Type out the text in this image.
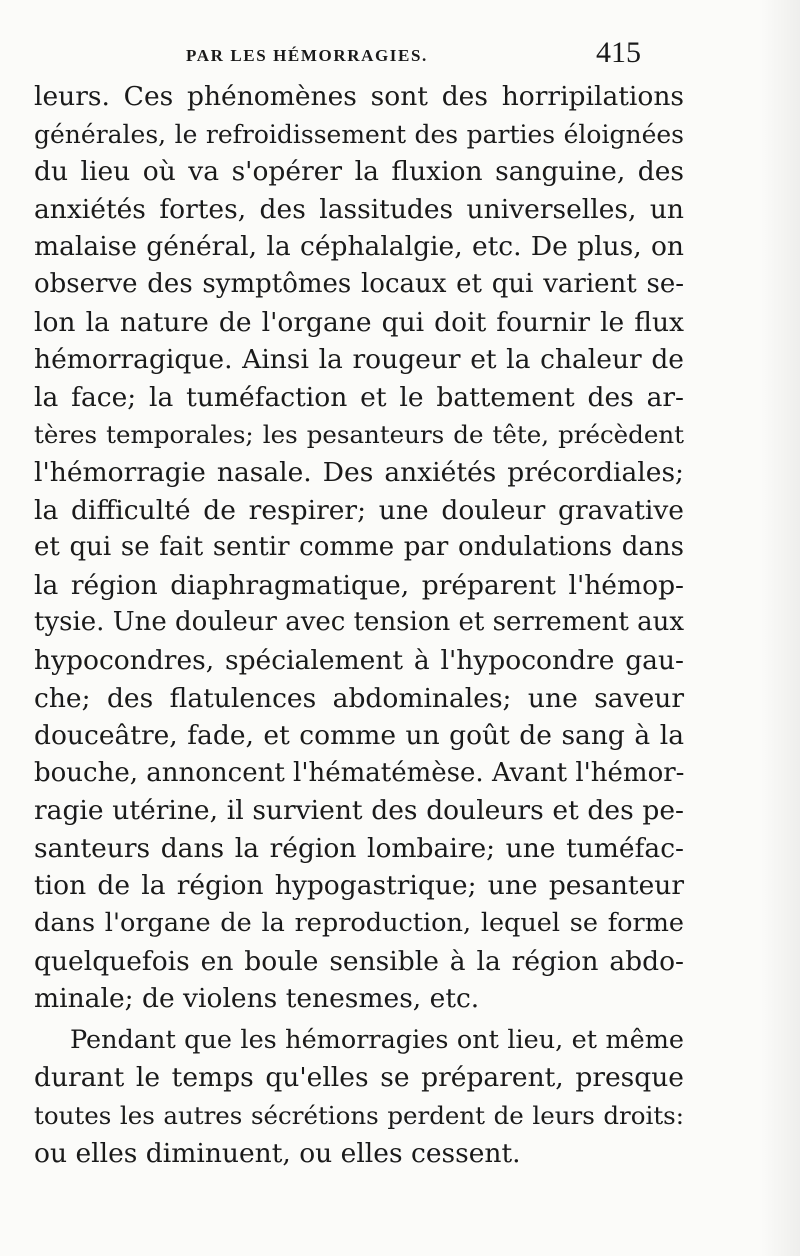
PAR LES HÉMORRAGIES.	415
leurs. Ces phénomènes sont des horripilations
générales, le refroidissement des parties éloignées
du lieu où va s'opérer la fluxion sanguine, des
anxiétés fortes, des lassitudes universelles, un
malaise général, la céphalalgie, etc. De plus, on
observe des symptômes locaux et qui varient se-
lon la nature de l'organe qui doit fournir le flux
hémorragique. Ainsi la rougeur et la chaleur de
la face; la tuméfaction et le battement des ar-
tères temporales; les pesanteurs de tête, précèdent
l'hémorragie nasale. Des anxiétés précordiales;
la difficulté de respirer; une douleur gravative
et qui se fait sentir comme par ondulations dans
la région diaphragmatique, préparent l'hémop-
tysie. Une douleur avec tension et serrement aux
hypocondres, spécialement à l'hypocondre gau-
che; des flatulences abdominales; une saveur
douceâtre, fade, et comme un goût de sang à la
bouche, annoncent l'hématémèse. Avant l'hémor-
ragie utérine, il survient des douleurs et des pe-
santeurs dans la région lombaire; une tuméfac-
tion de la région hypogastrique; une pesanteur
dans l'organe de la reproduction, lequel se forme
quelquefois en boule sensible à la région abdo-
minale; de violens tenesmes, etc.
Pendant que les hémorragies ont lieu, et même
durant le temps qu'elles se préparent, presque
toutes les autres sécrétions perdent de leurs droits:
ou elles diminuent, ou elles cessent.
